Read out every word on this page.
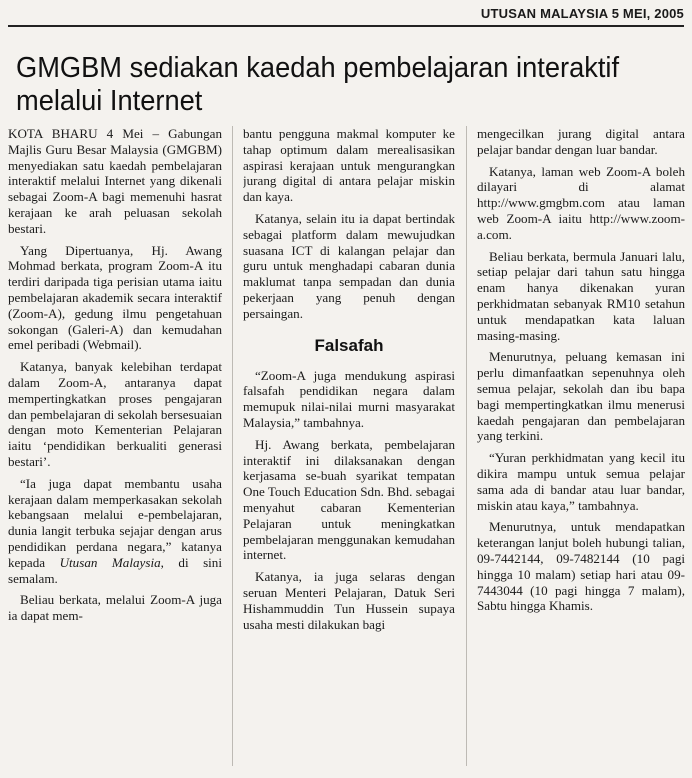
UTUSAN MALAYSIA 5 MEI, 2005
GMGBM sediakan kaedah pembelajaran interaktif melalui Internet

KOTA BHARU 4 Mei – Gabungan Majlis Guru Besar Malaysia (GMGBM) menyediakan satu kaedah pembelajaran interaktif melalui Internet yang dikenali sebagai Zoom-A bagi memenuhi hasrat kerajaan ke arah peluasan sekolah bestari.

Yang Dipertuanya, Hj. Awang Mohmad berkata, program Zoom-A itu terdiri daripada tiga perisian utama iaitu pembelajaran akademik secara interaktif (Zoom-A), gedung ilmu pengetahuan sokongan (Galeri-A) dan kemudahan emel peribadi (Webmail).

Katanya, banyak kelebihan terdapat dalam Zoom-A, antaranya dapat mempertingkatkan proses pengajaran dan pembelajaran di sekolah bersesuaian dengan moto Kementerian Pelajaran iaitu ‘pendidikan berkualiti generasi bestari’.

“Ia juga dapat membantu usaha kerajaan dalam memperkasakan sekolah kebangsaan melalui e-pembelajaran, dunia langit terbuka sejajar dengan arus pendidikan perdana negara,” katanya kepada Utusan Malaysia, di sini semalam.

Beliau berkata, melalui Zoom-A juga ia dapat mem-

bantu pengguna makmal komputer ke tahap optimum dalam merealisasikan aspirasi kerajaan untuk mengurangkan jurang digital di antara pelajar miskin dan kaya.

Katanya, selain itu ia dapat bertindak sebagai platform dalam mewujudkan suasana ICT di kalangan pelajar dan guru untuk menghadapi cabaran dunia maklumat tanpa sempadan dan dunia pekerjaan yang penuh dengan persaingan.

Falsafah

“Zoom-A juga mendukung aspirasi falsafah pendidikan negara dalam memupuk nilai-nilai murni masyarakat Malaysia,” tambahnya.

Hj. Awang berkata, pembelajaran interaktif ini dilaksanakan dengan kerjasama se-buah syarikat tempatan One Touch Education Sdn. Bhd. sebagai menyahut cabaran Kementerian Pelajaran untuk meningkatkan pembelajaran menggunakan kemudahan internet.

Katanya, ia juga selaras dengan seruan Menteri Pelajaran, Datuk Seri Hishammuddin Tun Hussein supaya usaha mesti dilakukan bagi

mengecilkan jurang digital antara pelajar bandar dengan luar bandar.

Katanya, laman web Zoom-A boleh dilayari di alamat http://www.gmgbm.com atau laman web Zoom-A iaitu http://www.zoom-a.com.

Beliau berkata, bermula Januari lalu, setiap pelajar dari tahun satu hingga enam hanya dikenakan yuran perkhidmatan sebanyak RM10 setahun untuk mendapatkan kata laluan masing-masing.

Menurutnya, peluang kemasan ini perlu dimanfaatkan sepenuhnya oleh semua pelajar, sekolah dan ibu bapa bagi mempertingkatkan ilmu menerusi kaedah pengajaran dan pembelajaran yang terkini.

“Yuran perkhidmatan yang kecil itu dikira mampu untuk semua pelajar sama ada di bandar atau luar bandar, miskin atau kaya,” tambahnya.

Menurutnya, untuk mendapatkan keterangan lanjut boleh hubungi talian, 09-7442144, 09-7482144 (10 pagi hingga 10 malam) setiap hari atau 09-7443044 (10 pagi hingga 7 malam), Sabtu hingga Khamis.
